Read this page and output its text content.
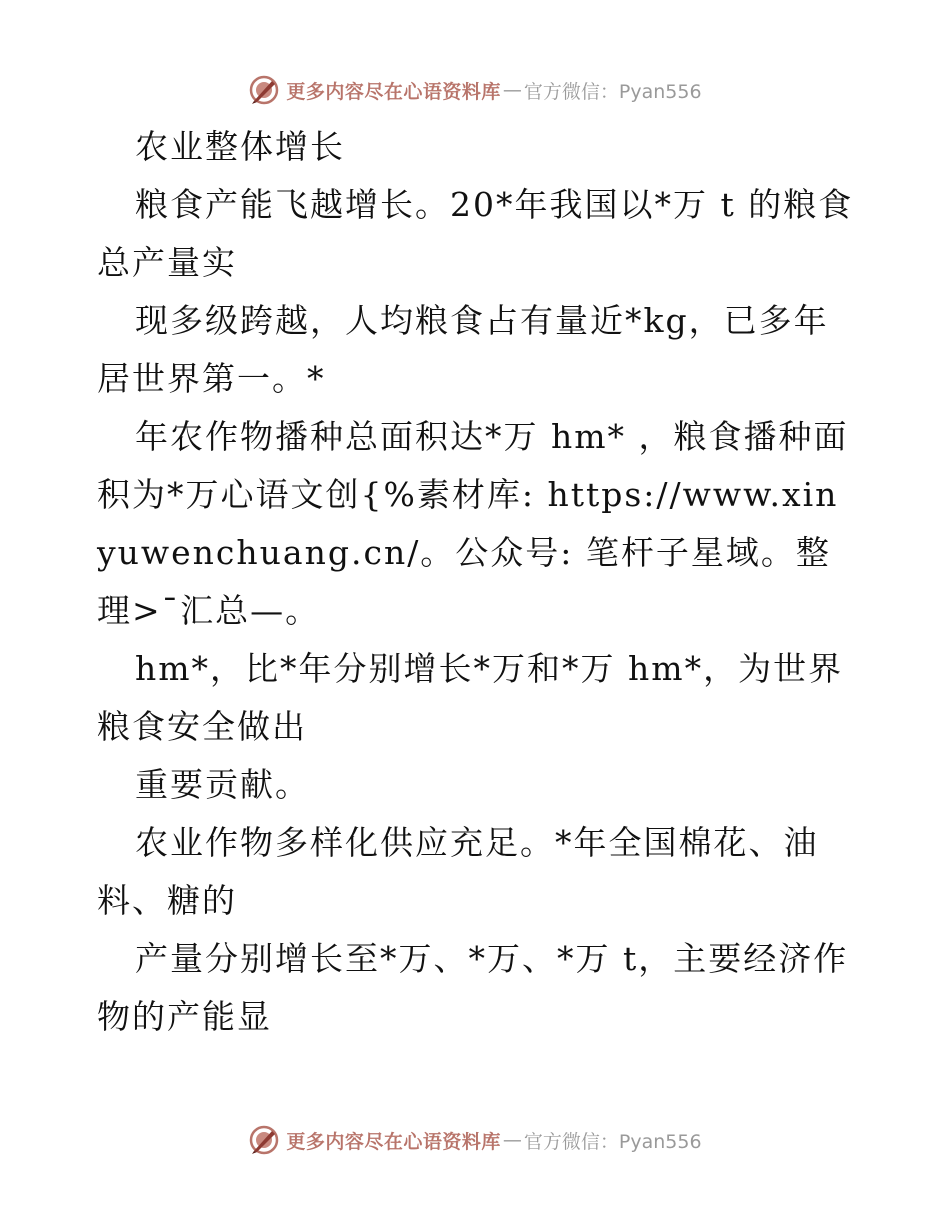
更多内容尽在心语资料库 — 官方微信：Pyan556

农业整体增长

粮食产能飞越增长。20*年我国以*万 t 的粮食总产量实

现多级跨越，人均粮食占有量近*kg，已多年居世界第一。*

年农作物播种总面积达*万 hm* ，粮食播种面积为*万心语文创{%素材库: https://www.xinyuwenchuang.cn/。公众号: 笔杆子星域。整理>¯汇总—。

hm*，比*年分别增长*万和*万 hm*，为世界粮食安全做出

重要贡献。

农业作物多样化供应充足。*年全国棉花、油料、糖的

产量分别增长至*万、*万、*万 t，主要经济作物的产能显

更多内容尽在心语资料库 — 官方微信：Pyan556
